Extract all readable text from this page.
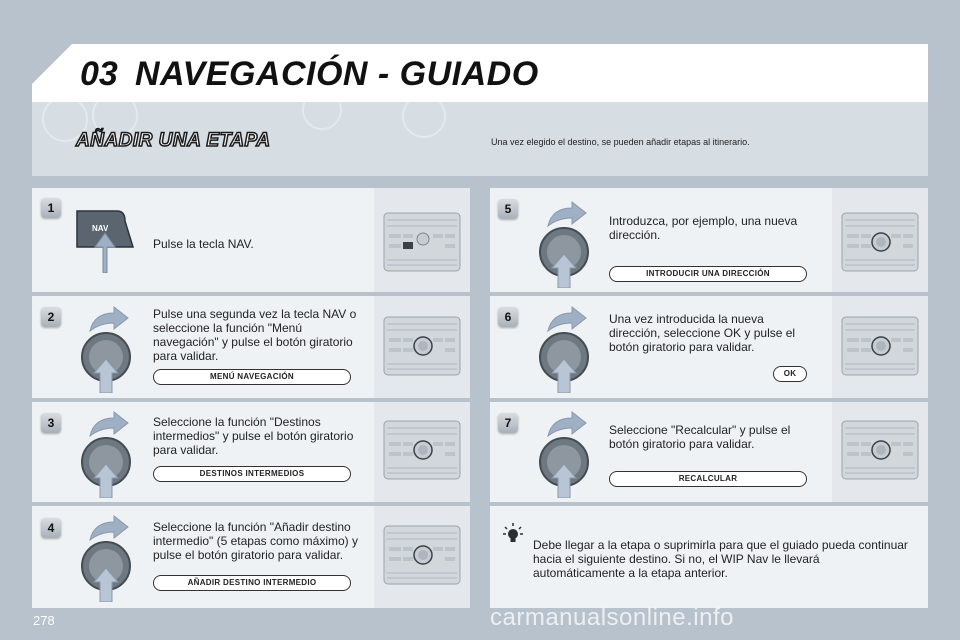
03 NAVEGACIÓN - GUIADO
AÑADIR UNA ETAPA	Una vez elegido el destino, se pueden añadir etapas al itinerario.
1
NAV
Pulse la tecla NAV.
2	Pulse una segunda vez la tecla NAV o seleccione la función "Menú navegación" y pulse el botón giratorio para validar.
MENÚ NAVEGACIÓN
3	Seleccione la función "Destinos intermedios" y pulse el botón giratorio para validar.
DESTINOS INTERMEDIOS
4	Seleccione la función "Añadir destino intermedio" (5 etapas como máximo) y pulse el botón giratorio para validar.
AÑADIR DESTINO INTERMEDIO
5
Introduzca, por ejemplo, una nueva dirección.
INTRODUCIR UNA DIRECCIÓN
6	Una vez introducida la nueva dirección, seleccione OK y pulse el botón giratorio para validar.
OK
7	Seleccione "Recalcular" y pulse el botón giratorio para validar.
RECALCULAR
Debe llegar a la etapa o suprimirla para que el guiado pueda continuar hacia el siguiente destino. Si no, el WIP Nav le llevará automáticamente a la etapa anterior.
278	carmanualsonline.info
